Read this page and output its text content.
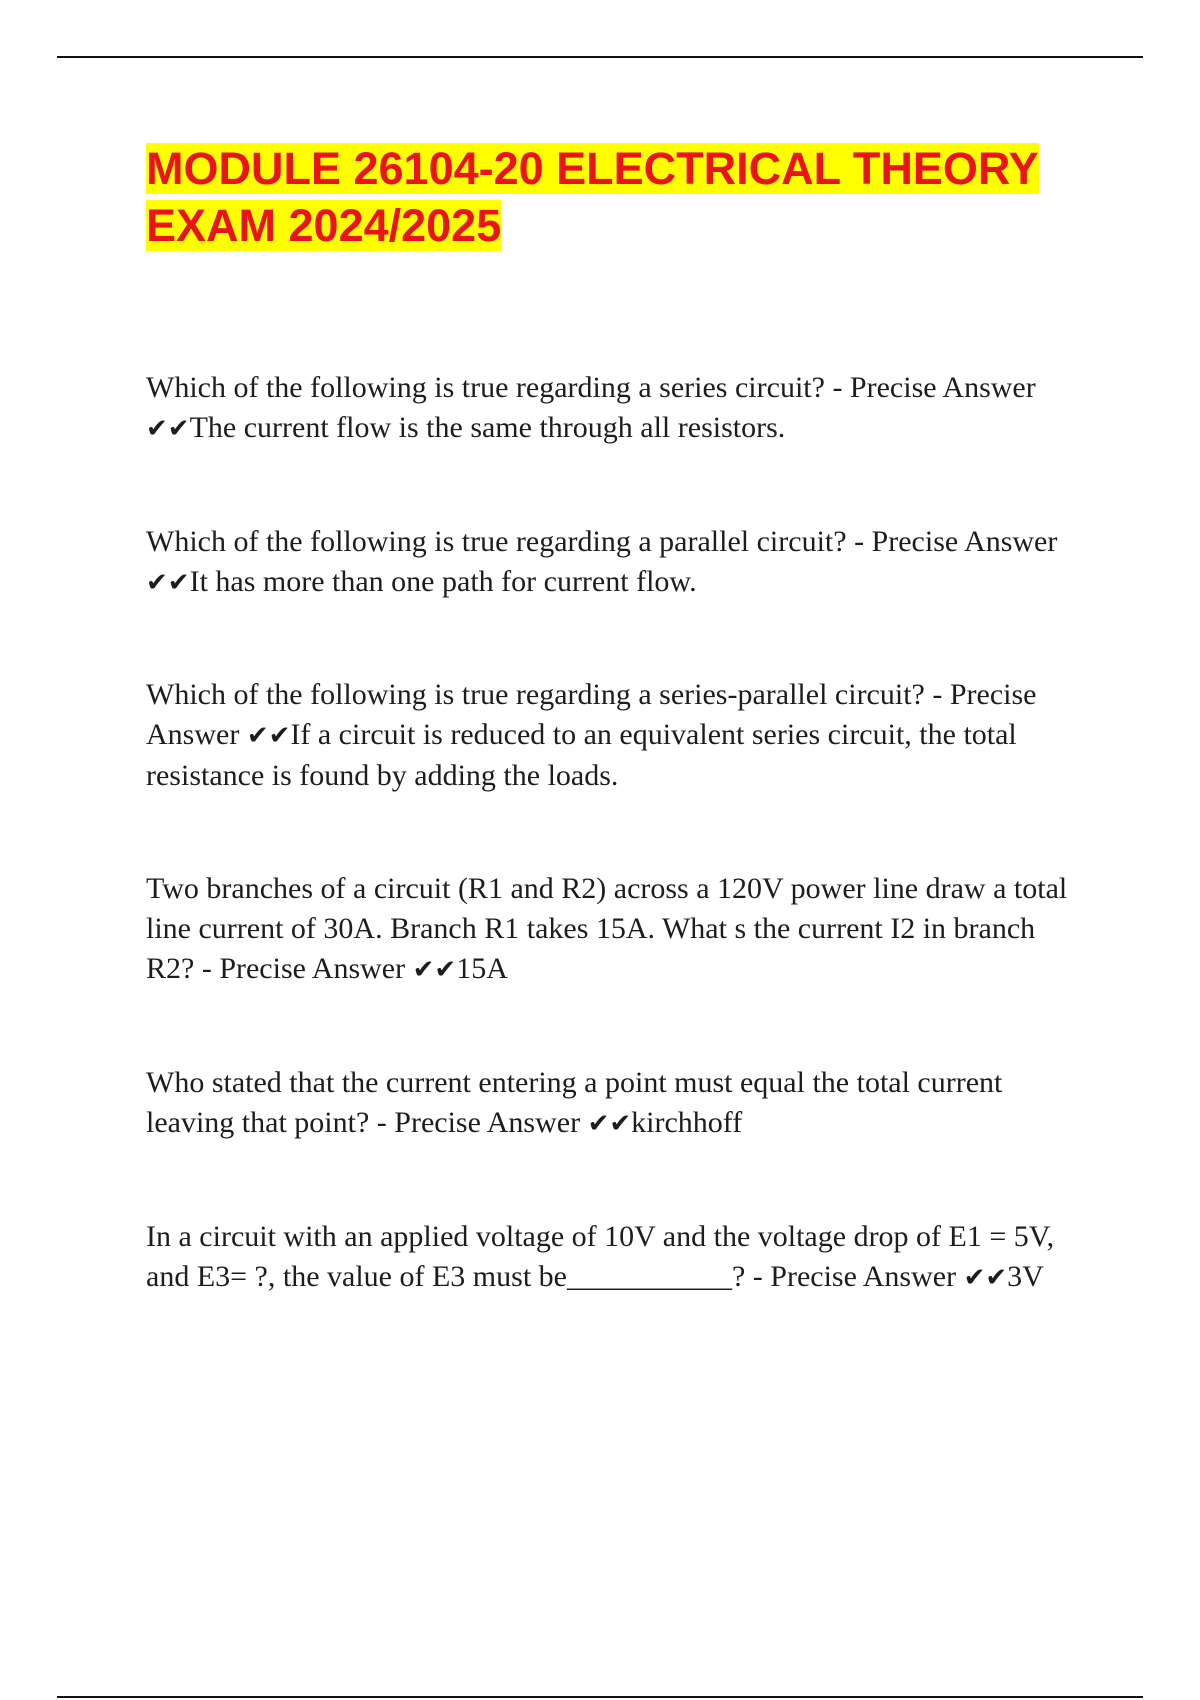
MODULE 26104-20 ELECTRICAL THEORY EXAM 2024/2025

Which of the following is true regarding a series circuit? - Precise Answer ✔✔The current flow is the same through all resistors.

Which of the following is true regarding a parallel circuit? - Precise Answer ✔✔It has more than one path for current flow.

Which of the following is true regarding a series-parallel circuit? - Precise Answer ✔✔If a circuit is reduced to an equivalent series circuit, the total resistance is found by adding the loads.

Two branches of a circuit (R1 and R2) across a 120V power line draw a total line current of 30A. Branch R1 takes 15A. What s the current I2 in branch R2? - Precise Answer ✔✔15A

Who stated that the current entering a point must equal the total current leaving that point? - Precise Answer ✔✔kirchhoff

In a circuit with an applied voltage of 10V and the voltage drop of E1 = 5V, and E3= ?, the value of E3 must be___________? - Precise Answer ✔✔3V
